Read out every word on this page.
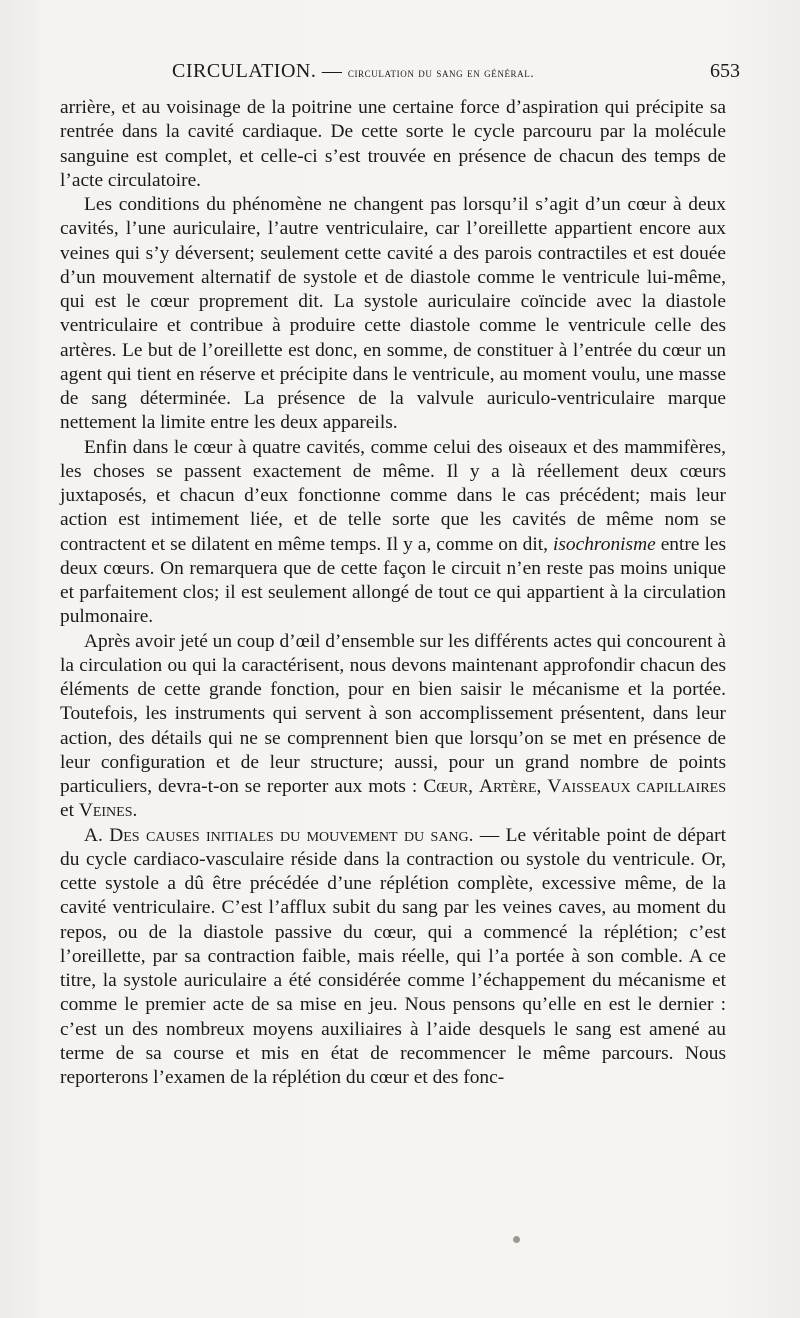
CIRCULATION. — circulation du sang en général.	653

arrière, et au voisinage de la poitrine une certaine force d’aspiration qui précipite sa rentrée dans la cavité cardiaque. De cette sorte le cycle parcouru par la molécule sanguine est complet, et celle-ci s’est trouvée en présence de chacun des temps de l’acte circulatoire.

Les conditions du phénomène ne changent pas lorsqu’il s’agit d’un cœur à deux cavités, l’une auriculaire, l’autre ventriculaire, car l’oreillette appartient encore aux veines qui s’y déversent; seulement cette cavité a des parois contractiles et est douée d’un mouvement alternatif de systole et de diastole comme le ventricule lui-même, qui est le cœur proprement dit. La systole auriculaire coïncide avec la diastole ventriculaire et contribue à produire cette diastole comme le ventricule celle des artères. Le but de l’oreillette est donc, en somme, de constituer à l’entrée du cœur un agent qui tient en réserve et précipite dans le ventricule, au moment voulu, une masse de sang déterminée. La présence de la valvule auriculo-ventriculaire marque nettement la limite entre les deux appareils.

Enfin dans le cœur à quatre cavités, comme celui des oiseaux et des mammifères, les choses se passent exactement de même. Il y a là réellement deux cœurs juxtaposés, et chacun d’eux fonctionne comme dans le cas précédent; mais leur action est intimement liée, et de telle sorte que les cavités de même nom se contractent et se dilatent en même temps. Il y a, comme on dit, isochronisme entre les deux cœurs. On remarquera que de cette façon le circuit n’en reste pas moins unique et parfaitement clos; il est seulement allongé de tout ce qui appartient à la circulation pulmonaire.

Après avoir jeté un coup d’œil d’ensemble sur les différents actes qui concourent à la circulation ou qui la caractérisent, nous devons maintenant approfondir chacun des éléments de cette grande fonction, pour en bien saisir le mécanisme et la portée. Toutefois, les instruments qui servent à son accomplissement présentent, dans leur action, des détails qui ne se comprennent bien que lorsqu’on se met en présence de leur configuration et de leur structure; aussi, pour un grand nombre de points particuliers, devra-t-on se reporter aux mots : Cœur, Artère, Vaisseaux capillaires et Veines.

A. Des causes initiales du mouvement du sang. — Le véritable point de départ du cycle cardiaco-vasculaire réside dans la contraction ou systole du ventricule. Or, cette systole a dû être précédée d’une réplétion complète, excessive même, de la cavité ventriculaire. C’est l’afflux subit du sang par les veines caves, au moment du repos, ou de la diastole passive du cœur, qui a commencé la réplétion; c’est l’oreillette, par sa contraction faible, mais réelle, qui l’a portée à son comble. A ce titre, la systole auriculaire a été considérée comme l’échappement du mécanisme et comme le premier acte de sa mise en jeu. Nous pensons qu’elle en est le dernier : c’est un des nombreux moyens auxiliaires à l’aide desquels le sang est amené au terme de sa course et mis en état de recommencer le même parcours. Nous reporterons l’examen de la réplétion du cœur et des fonc-
